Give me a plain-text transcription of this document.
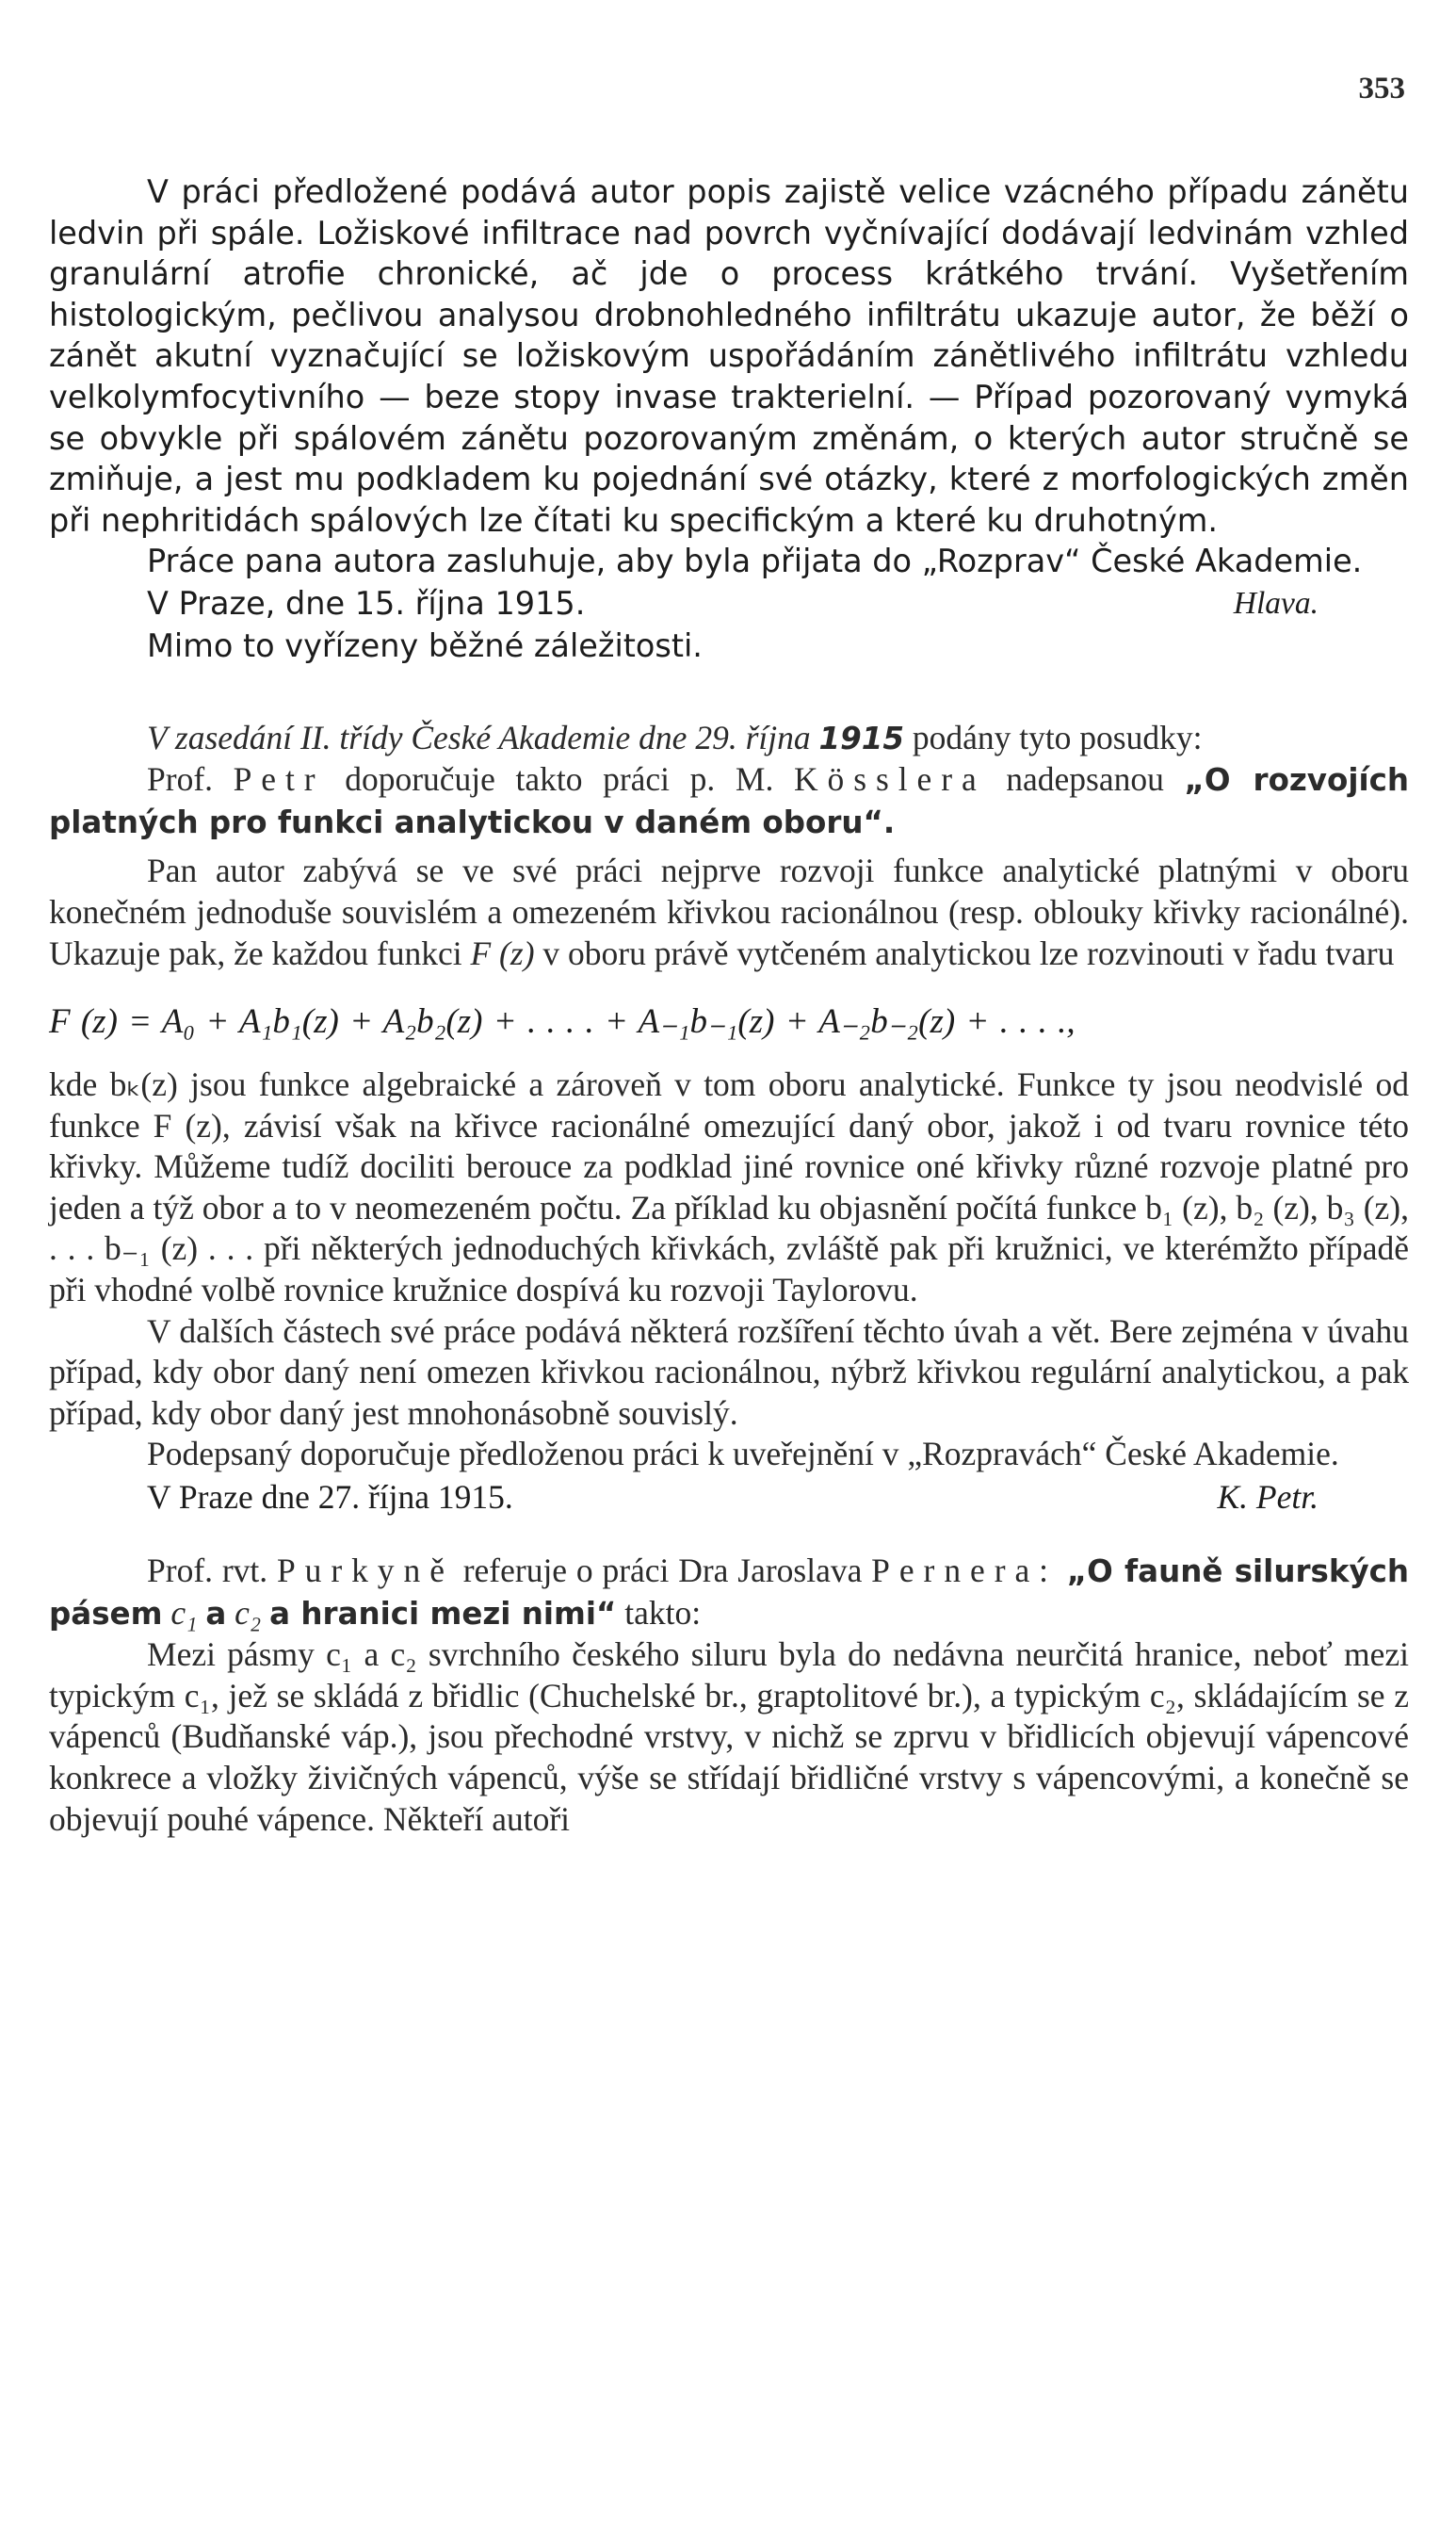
353

V práci předložené podává autor popis zajistě velice vzácného případu zánětu ledvin při spále. Ložiskové infiltrace nad povrch vyčnívající dodávají ledvinám vzhled granulární atrofie chronické, ač jde o process krátkého trvání. Vyšetřením histologickým, pečlivou analysou drobnohledného infiltrátu ukazuje autor, že běží o zánět akutní vyznačující se ložiskovým uspořádáním zánětlivého infiltrátu vzhledu velkolymfocytivního — beze stopy invase trakterielní. — Případ pozorovaný vymyká se obvykle při spálovém zánětu pozorovaným změnám, o kterých autor stručně se zmiňuje, a jest mu podkladem ku pojednání své otázky, které z morfologických změn při nephritidách spálových lze čítati ku specifickým a které ku druhotným.

Práce pana autora zasluhuje, aby byla přijata do „Rozprav“ České Akademie.

V Praze, dne 15. října 1915.	Hlava.

Mimo to vyřízeny běžné záležitosti.

V zasedání II. třídy České Akademie dne 29. října 1915 podány tyto posudky:

Prof. Petr doporučuje takto práci p. M. Kösslera nadepsanou „O rozvojích platných pro funkci analytickou v daném oboru“.

Pan autor zabývá se ve své práci nejprve rozvoji funkce analytické platnými v oboru konečném jednoduše souvislém a omezeném křivkou racionálnou (resp. oblouky křivky racionálné). Ukazuje pak, že každou funkci F (z) v oboru právě vytčeném analytickou lze rozvinouti v řadu tvaru

F (z) = A₀ + A₁b₁(z) + A₂b₂(z) + . . . . + A₋₁b₋₁(z) + A₋₂b₋₂(z) + . . . .,

kde bₖ(z) jsou funkce algebraické a zároveň v tom oboru analytické. Funkce ty jsou neodvislé od funkce F (z), závisí však na křivce racionálné omezující daný obor, jakož i od tvaru rovnice této křivky. Můžeme tudíž dociliti berouce za podklad jiné rovnice oné křivky různé rozvoje platné pro jeden a týž obor a to v neomezeném počtu. Za příklad ku objasnění počítá funkce b₁ (z), b₂ (z), b₃ (z), . . . b₋₁ (z) . . . při některých jednoduchých křivkách, zvláště pak při kružnici, ve kterémžto případě při vhodné volbě rovnice kružnice dospívá ku rozvoji Taylorovu.

V dalších částech své práce podává některá rozšíření těchto úvah a vět. Bere zejména v úvahu případ, kdy obor daný není omezen křivkou racionálnou, nýbrž křivkou regulární analytickou, a pak případ, kdy obor daný jest mnohonásobně souvislý.

Podepsaný doporučuje předloženou práci k uveřejnění v „Rozpravách“ České Akademie.

V Praze dne 27. října 1915.	K. Petr.

Prof. rvt. Purkyně referuje o práci Dra Jaroslava Pernera: „O fauně silurských pásem c₁ a c₂ a hranici mezi nimi“ takto:

Mezi pásmy c₁ a c₂ svrchního českého siluru byla do nedávna neurčitá hranice, neboť mezi typickým c₁, jež se skládá z břidlic (Chuchelské br., graptolitové br.), a typickým c₂, skládajícím se z vápenců (Budňanské váp.), jsou přechodné vrstvy, v nichž se zprvu v břidlicích objevují vápencové konkrece a vložky živičných vápenců, výše se střídají břidličné vrstvy s vápencovými, a konečně se objevují pouhé vápence. Někteří autoři
